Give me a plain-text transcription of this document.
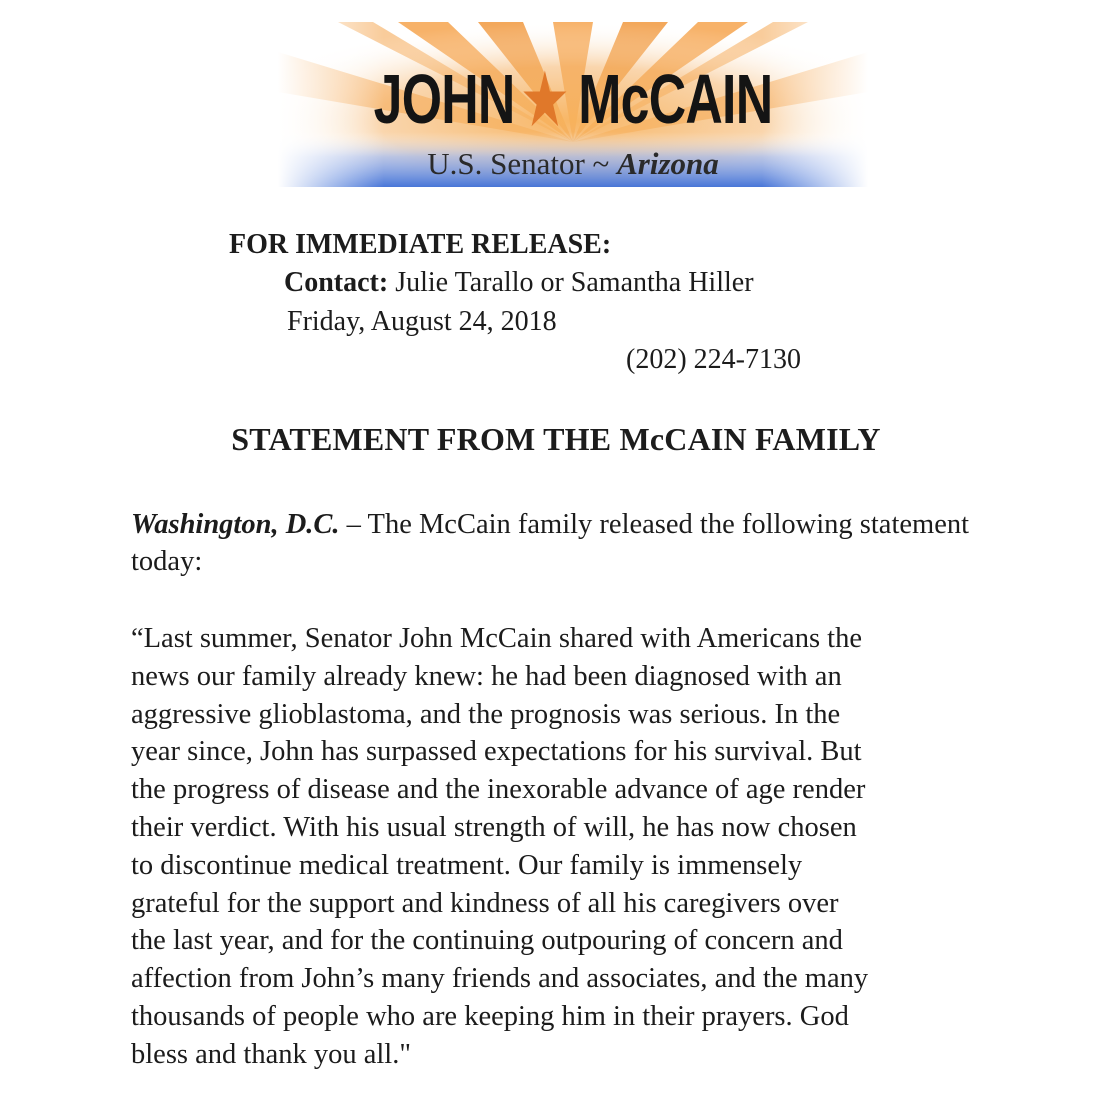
JOHN McCAIN
U.S. Senator ~ Arizona
FOR IMMEDIATE RELEASE:
Contact: Julie Tarallo or Samantha Hiller
Friday, August 24, 2018
(202) 224-7130
STATEMENT FROM THE McCAIN FAMILY

Washington, D.C. – The McCain family released the following statement today:

“Last summer, Senator John McCain shared with Americans the
news our family already knew: he had been diagnosed with an
aggressive glioblastoma, and the prognosis was serious. In the
year since, John has surpassed expectations for his survival. But
the progress of disease and the inexorable advance of age render
their verdict. With his usual strength of will, he has now chosen
to discontinue medical treatment. Our family is immensely
grateful for the support and kindness of all his caregivers over
the last year, and for the continuing outpouring of concern and
affection from John’s many friends and associates, and the many
thousands of people who are keeping him in their prayers. God
bless and thank you all."
